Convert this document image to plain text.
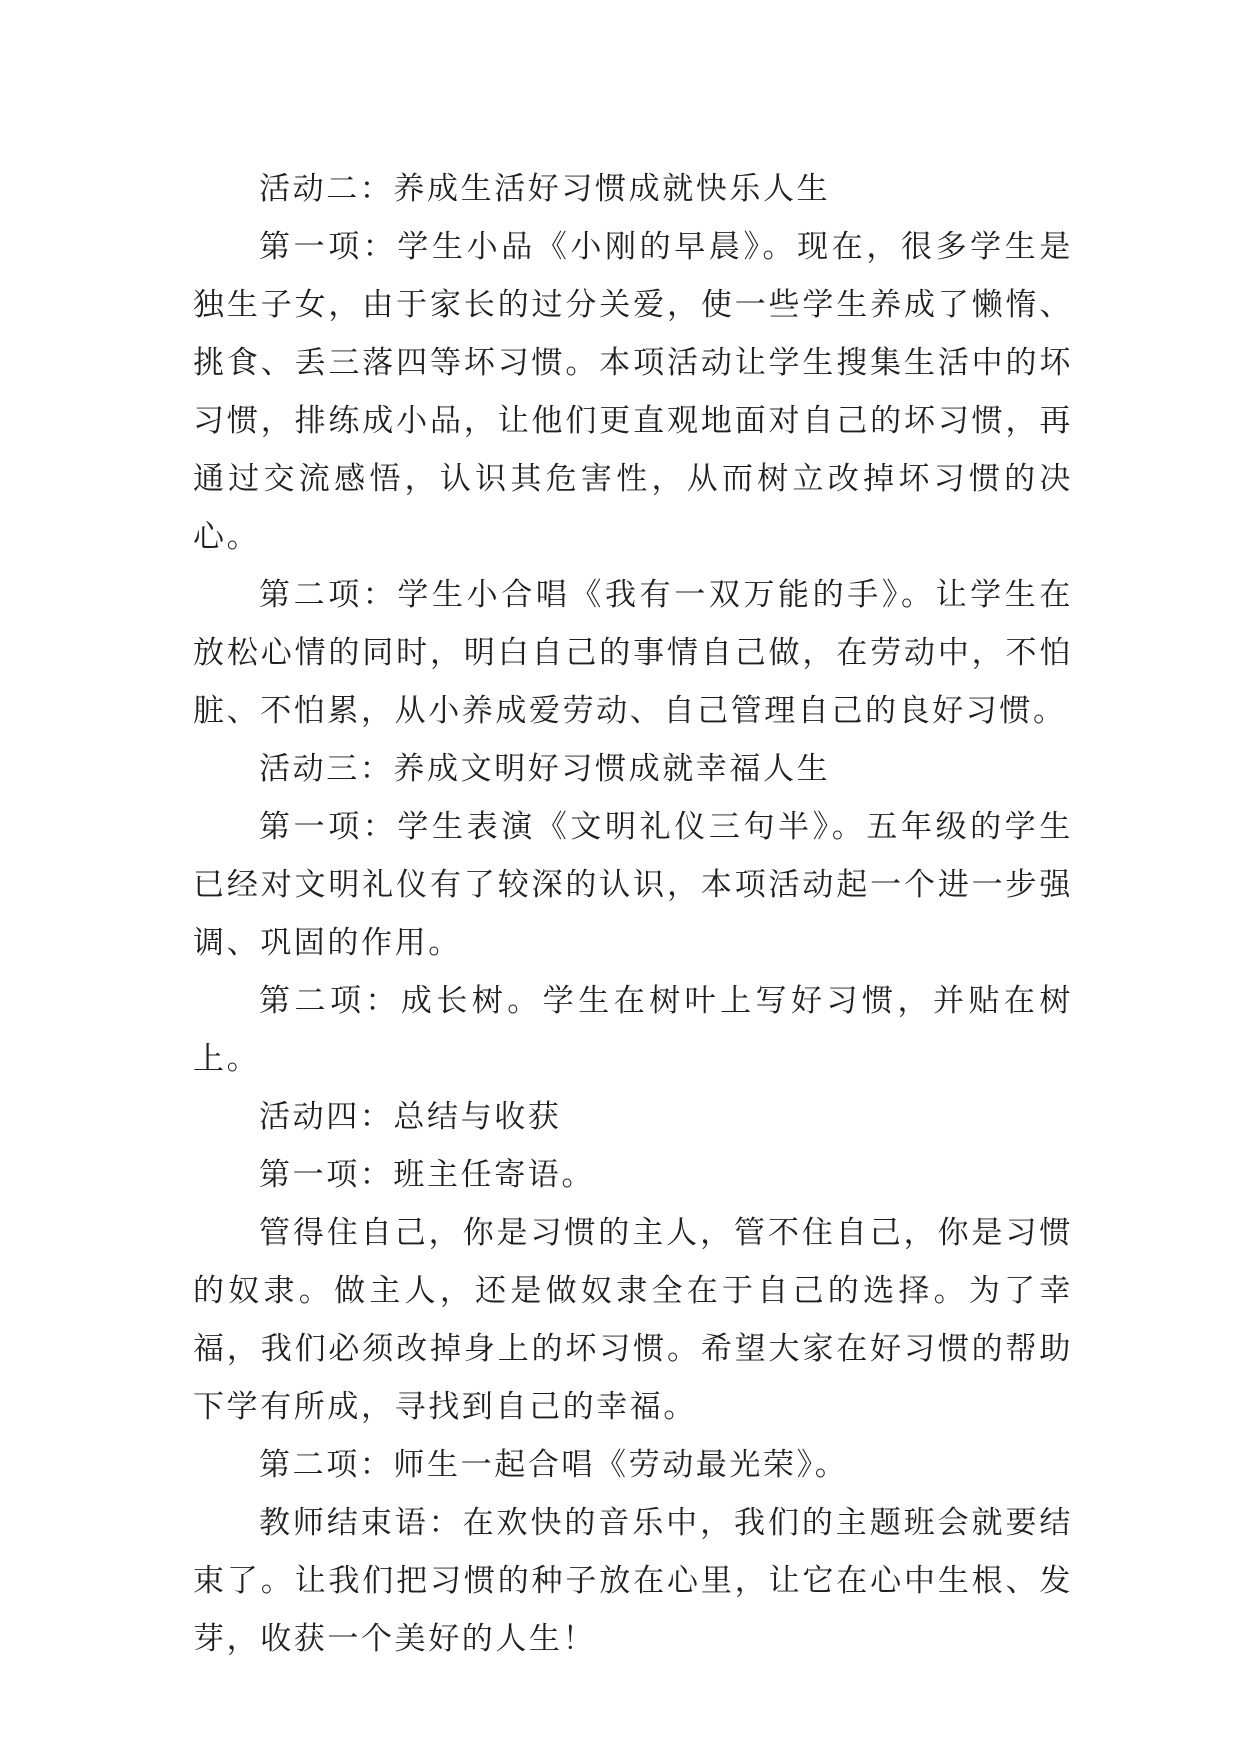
活动二：养成生活好习惯成就快乐人生

第一项：学生小品《小刚的早晨》。现在，很多学生是独生子女，由于家长的过分关爱，使一些学生养成了懒惰、挑食、丢三落四等坏习惯。本项活动让学生搜集生活中的坏习惯，排练成小品，让他们更直观地面对自己的坏习惯，再通过交流感悟，认识其危害性，从而树立改掉坏习惯的决心。

第二项：学生小合唱《我有一双万能的手》。让学生在放松心情的同时，明白自己的事情自己做，在劳动中，不怕脏、不怕累，从小养成爱劳动、自己管理自己的良好习惯。

活动三：养成文明好习惯成就幸福人生

第一项：学生表演《文明礼仪三句半》。五年级的学生已经对文明礼仪有了较深的认识，本项活动起一个进一步强调、巩固的作用。

第二项：成长树。学生在树叶上写好习惯，并贴在树上。

活动四：总结与收获

第一项：班主任寄语。

管得住自己，你是习惯的主人，管不住自己，你是习惯的奴隶。做主人，还是做奴隶全在于自己的选择。为了幸福，我们必须改掉身上的坏习惯。希望大家在好习惯的帮助下学有所成，寻找到自己的幸福。

第二项：师生一起合唱《劳动最光荣》。

教师结束语：在欢快的音乐中，我们的主题班会就要结束了。让我们把习惯的种子放在心里，让它在心中生根、发芽，收获一个美好的人生！
